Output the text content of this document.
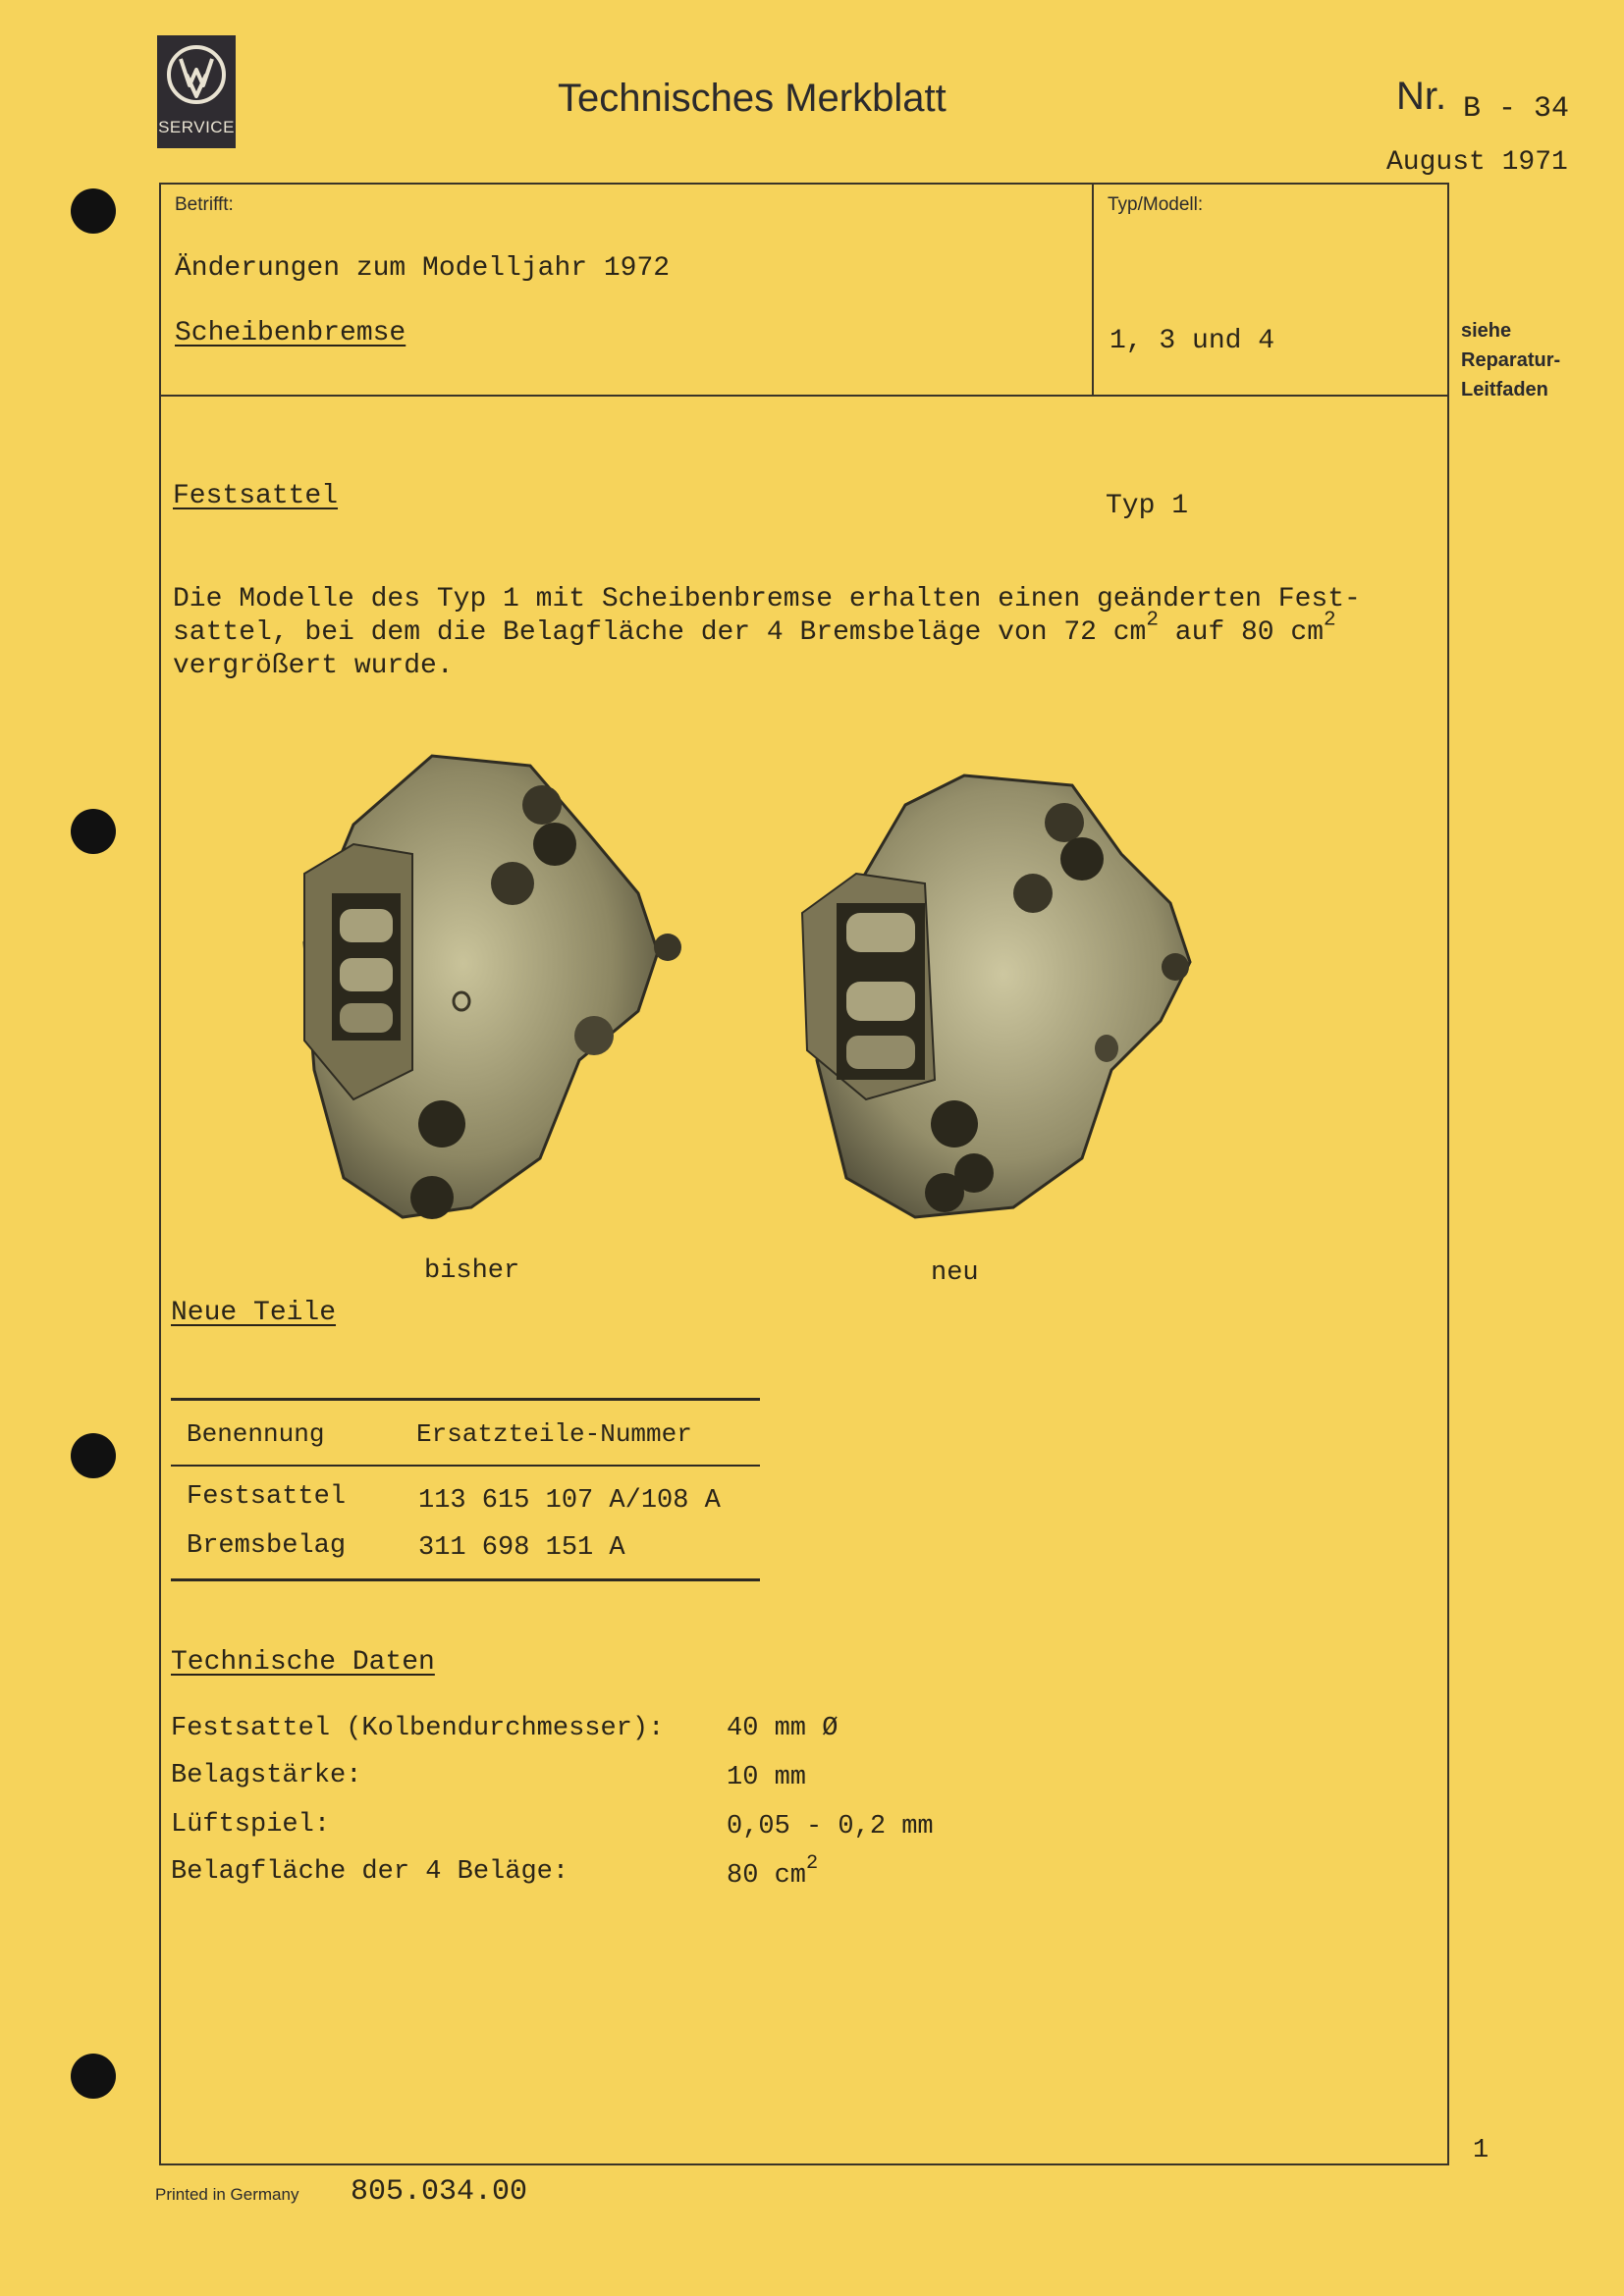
SERVICE
Technisches Merkblatt	Nr. B - 34
August 1971
Betrifft:
Änderungen zum Modelljahr 1972
Scheibenbremse
Typ/Modell:
1, 3 und 4	siehe
Reparatur-
Leitfaden
Festsattel	Typ 1
Die Modelle des Typ 1 mit Scheibenbremse erhalten einen geänderten Fest-sattel, bei dem die Belagfläche der 4 Bremsbeläge von 72 $cm^2$ auf 80 $cm^2$ vergrößert wurde.
bisher	neu
Neue Teile
Benennung	Ersatzteile-Nummer
Festsattel	113 615 107 A/108 A
Bremsbelag	311 698 151 A
Technische Daten
Festsattel (Kolbendurchmesser): 40 mm Ø
Belagstärke:	10 mm
Lüftspiel:	0,05 - 0,2 mm
Belagfläche der 4 Beläge:	80 $cm^2$
Printed in Germany 805.034.00
1
